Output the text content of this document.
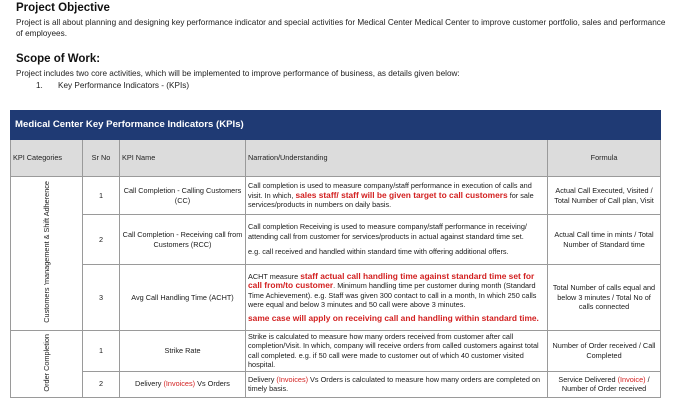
Project Objective
Project is all about planning and designing key performance indicator and special activities for Medical Center Medical Center to improve customer portfolio, sales and performance of employees.
Scope of Work:
Project includes two core activities, which will be implemented to improve performance of business, as details given below:
1. Key Performance Indicators - (KPIs)
Medical Center Key Performance Indicators (KPIs)				
KPI Categories	Sr No	KPI Name	Narration/Understanding	Formula
Customers 'management & Shift Adherence	1	Call Completion - Calling Customers (CC)	Call completion is used to measure company/staff performance in execution of calls and visit. In which, sales staff/ staff will be given target to call customers for sale services/products in numbers on daily basis.	Actual Call Executed, Visited / Total Number of Call plan, Visit
	2	Call Completion - Receiving call from Customers (RCC)	Call completion Receiving is used to measure company/staff performance in receiving/ attending call from customer for services/products in actual against standard time set.
e.g. call received and handled within standard time with offering additional offers.	Actual Call time in mints / Total Number of Standard time
	3	Avg Call Handling Time (ACHT)	ACHT measure staff actual call handling time against standard time set for call from/to customer. Minimum handling time per customer during month (Standard Time Achievement). e.g. Staff was given 300 contact to call in a month, In which 250 calls were equal and below 3 minutes and 50 call were above 3 minutes.
same case will apply on receiving call and handling within standard time.	Total Number of calls equal and below 3 minutes / Total No of calls connected
Order Completion	1	Strike Rate	Strike is calculated to measure how many orders received from customer after call completion/Visit. In which, company will receive orders from called customers against total call completed. e.g. if 50 call were made to customer out of which 40 customer visited hospital.	Number of Order received / Call Completed
	2	Delivery (Invoices) Vs Orders	Delivery (Invoices) Vs Orders is calculated to measure how many orders are completed on timely basis.	Service Delivered (Invoice) / Number of Order received
